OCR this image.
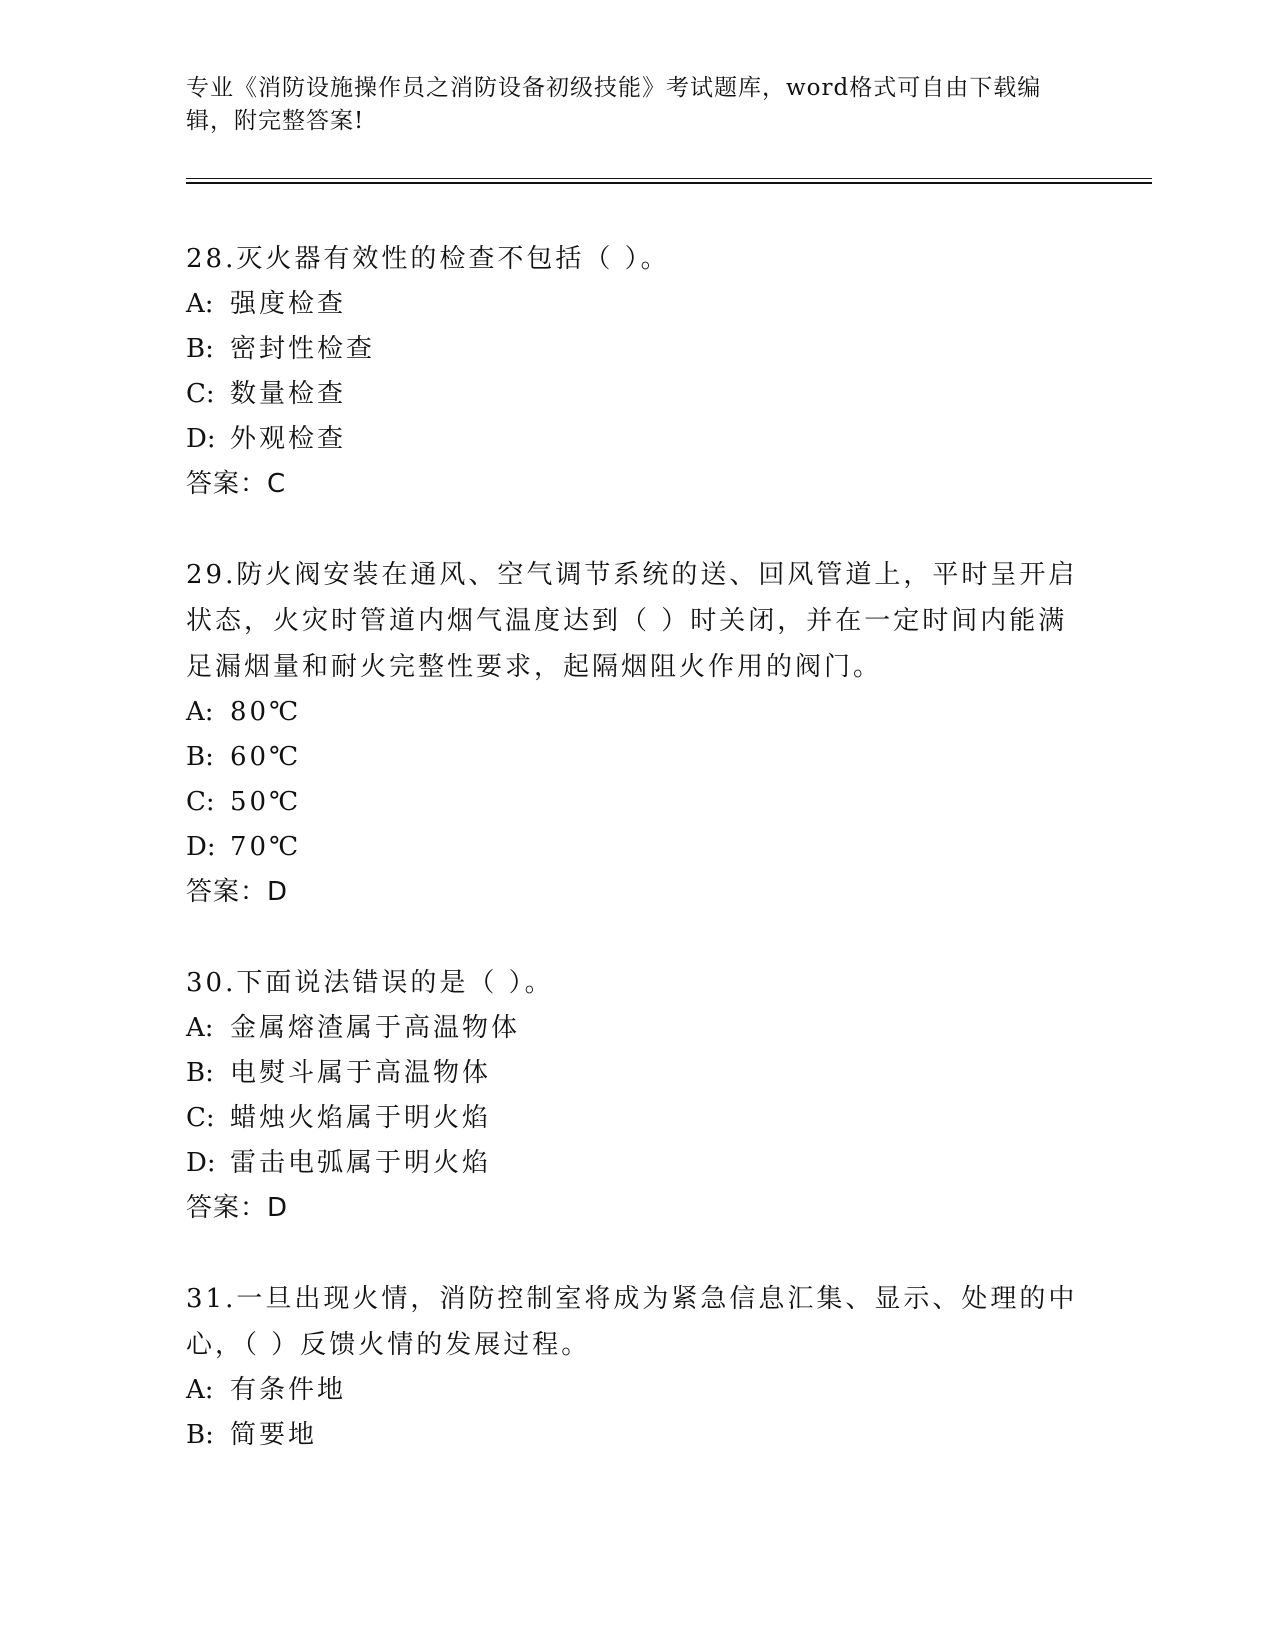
专业《消防设施操作员之消防设备初级技能》考试题库，word格式可自由下载编辑，附完整答案!

28.灭火器有效性的检查不包括（ ）。

A: 强度检查

B: 密封性检查

C: 数量检查

D: 外观检查

答案：C

29.防火阀安装在通风、空气调节系统的送、回风管道上，平时呈开启状态，火灾时管道内烟气温度达到（ ）时关闭，并在一定时间内能满足漏烟量和耐火完整性要求，起隔烟阻火作用的阀门。

A: 80℃

B: 60℃

C: 50℃

D: 70℃

答案：D

30.下面说法错误的是（ ）。

A: 金属熔渣属于高温物体

B: 电熨斗属于高温物体

C: 蜡烛火焰属于明火焰

D: 雷击电弧属于明火焰

答案：D

31.一旦出现火情，消防控制室将成为紧急信息汇集、显示、处理的中心，（ ）反馈火情的发展过程。

A: 有条件地

B: 简要地
